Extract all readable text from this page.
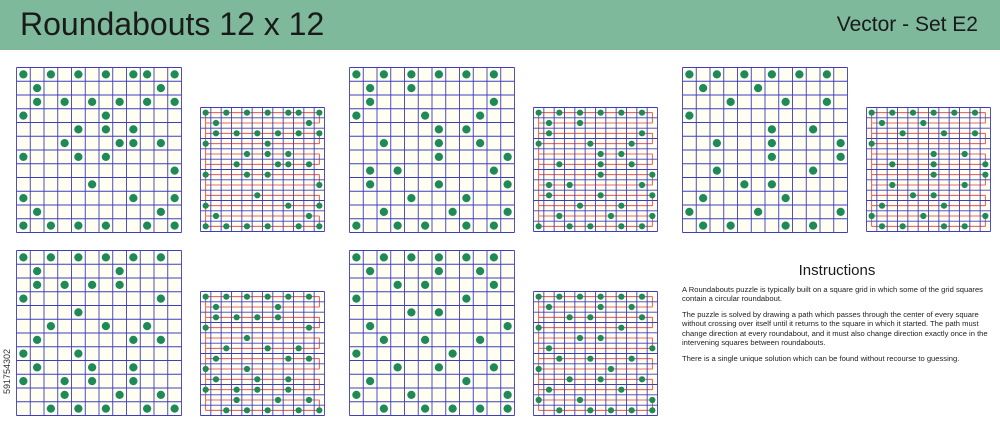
Roundabouts 12 x 12	Vector - Set E2
591754302
Instructions

A Roundabouts puzzle is typically built on a square grid in which some of the grid squares contain a circular roundabout.

The puzzle is solved by drawing a path which passes through the center of every square without crossing over itself until it returns to the square in which it started. The path must change direction at every roundabout, and it must also change direction exactly once in the intervening squares between roundabouts.

There is a single unique solution which can be found without recourse to guessing.
